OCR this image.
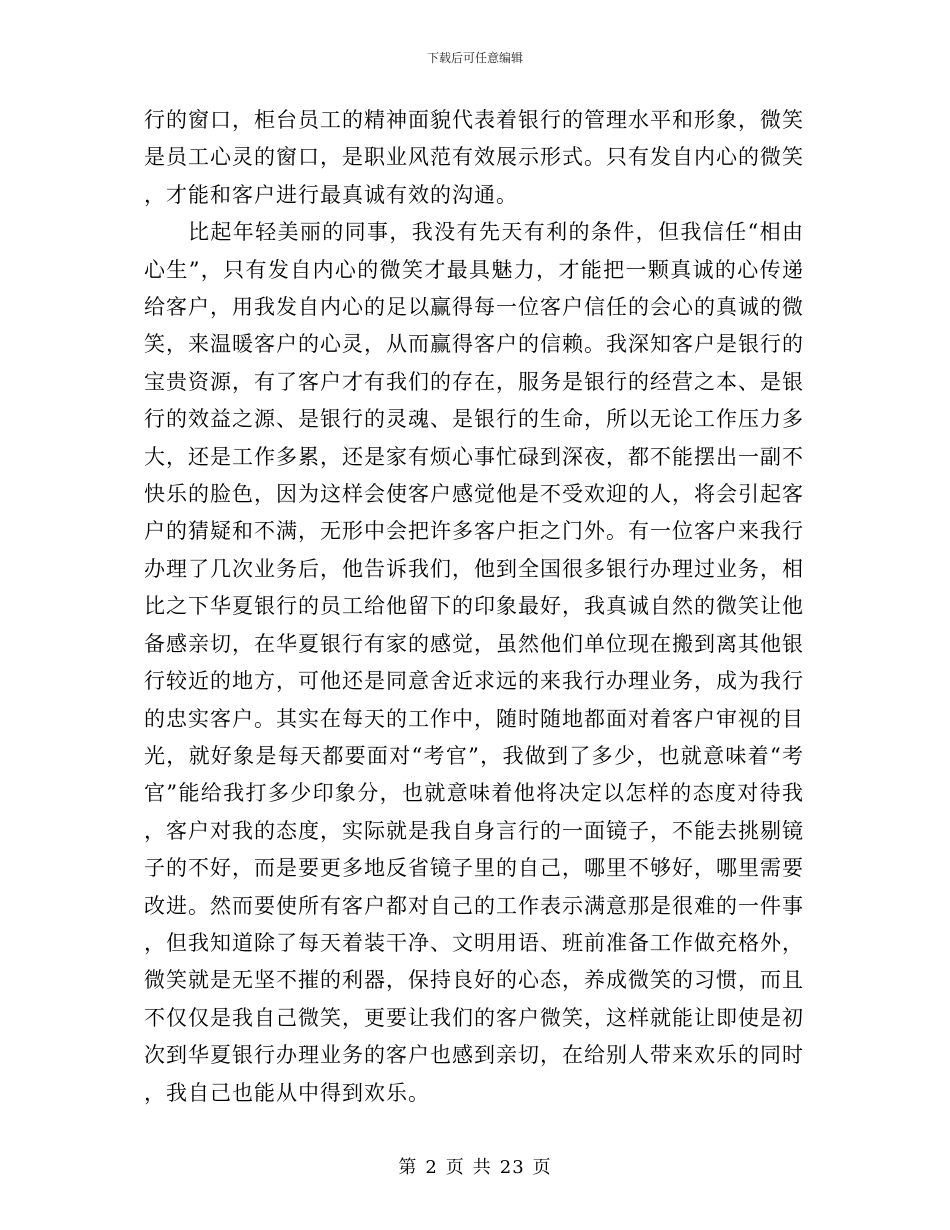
下载后可任意编辑

行的窗口，柜台员工的精神面貌代表着银行的管理水平和形象，微笑是员工心灵的窗口，是职业风范有效展示形式。只有发自内心的微笑，才能和客户进行最真诚有效的沟通。

比起年轻美丽的同事，我没有先天有利的条件，但我信任“相由心生”，只有发自内心的微笑才最具魅力，才能把一颗真诚的心传递给客户，用我发自内心的足以赢得每一位客户信任的会心的真诚的微笑，来温暖客户的心灵，从而赢得客户的信赖。我深知客户是银行的宝贵资源，有了客户才有我们的存在，服务是银行的经营之本、是银行的效益之源、是银行的灵魂、是银行的生命，所以无论工作压力多大，还是工作多累，还是家有烦心事忙碌到深夜，都不能摆出一副不快乐的脸色，因为这样会使客户感觉他是不受欢迎的人，将会引起客户的猜疑和不满，无形中会把许多客户拒之门外。有一位客户来我行办理了几次业务后，他告诉我们，他到全国很多银行办理过业务，相比之下华夏银行的员工给他留下的印象最好，我真诚自然的微笑让他备感亲切，在华夏银行有家的感觉，虽然他们单位现在搬到离其他银行较近的地方，可他还是同意舍近求远的来我行办理业务，成为我行的忠实客户。其实在每天的工作中，随时随地都面对着客户审视的目光，就好象是每天都要面对“考官”，我做到了多少，也就意味着“考官”能给我打多少印象分，也就意味着他将决定以怎样的态度对待我，客户对我的态度，实际就是我自身言行的一面镜子，不能去挑剔镜子的不好，而是要更多地反省镜子里的自己，哪里不够好，哪里需要改进。然而要使所有客户都对自己的工作表示满意那是很难的一件事，但我知道除了每天着装干净、文明用语、班前准备工作做充格外，微笑就是无坚不摧的利器，保持良好的心态，养成微笑的习惯，而且不仅仅是我自己微笑，更要让我们的客户微笑，这样就能让即使是初次到华夏银行办理业务的客户也感到亲切，在给别人带来欢乐的同时，我自己也能从中得到欢乐。

第 2 页 共 23 页
